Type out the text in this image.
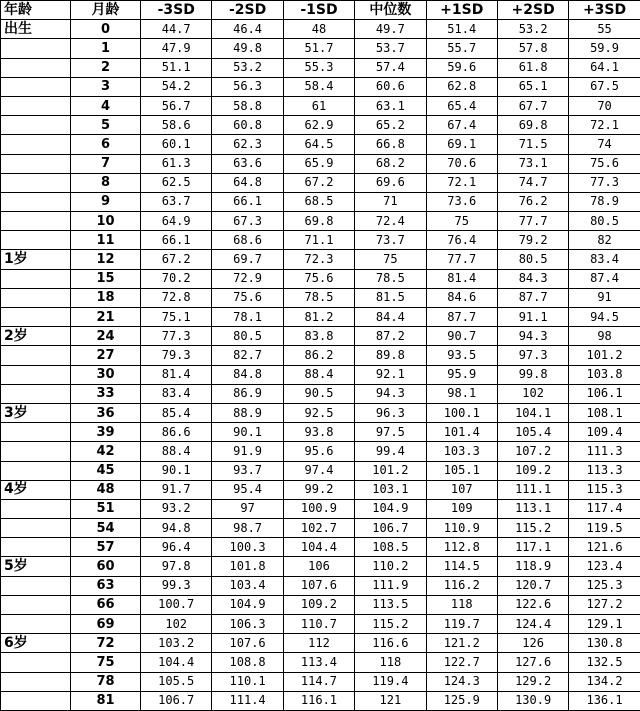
年龄	月龄	-3SD	-2SD	-1SD	中位数	+1SD	+2SD	+3SD
出生	0	44.7	46.4	48	49.7	51.4	53.2	55
	1	47.9	49.8	51.7	53.7	55.7	57.8	59.9
	2	51.1	53.2	55.3	57.4	59.6	61.8	64.1
	3	54.2	56.3	58.4	60.6	62.8	65.1	67.5
	4	56.7	58.8	61	63.1	65.4	67.7	70
	5	58.6	60.8	62.9	65.2	67.4	69.8	72.1
	6	60.1	62.3	64.5	66.8	69.1	71.5	74
	7	61.3	63.6	65.9	68.2	70.6	73.1	75.6
	8	62.5	64.8	67.2	69.6	72.1	74.7	77.3
	9	63.7	66.1	68.5	71	73.6	76.2	78.9
	10	64.9	67.3	69.8	72.4	75	77.7	80.5
	11	66.1	68.6	71.1	73.7	76.4	79.2	82
1岁	12	67.2	69.7	72.3	75	77.7	80.5	83.4
	15	70.2	72.9	75.6	78.5	81.4	84.3	87.4
	18	72.8	75.6	78.5	81.5	84.6	87.7	91
	21	75.1	78.1	81.2	84.4	87.7	91.1	94.5
2岁	24	77.3	80.5	83.8	87.2	90.7	94.3	98
	27	79.3	82.7	86.2	89.8	93.5	97.3	101.2
	30	81.4	84.8	88.4	92.1	95.9	99.8	103.8
	33	83.4	86.9	90.5	94.3	98.1	102	106.1
3岁	36	85.4	88.9	92.5	96.3	100.1	104.1	108.1
	39	86.6	90.1	93.8	97.5	101.4	105.4	109.4
	42	88.4	91.9	95.6	99.4	103.3	107.2	111.3
	45	90.1	93.7	97.4	101.2	105.1	109.2	113.3
4岁	48	91.7	95.4	99.2	103.1	107	111.1	115.3
	51	93.2	97	100.9	104.9	109	113.1	117.4
	54	94.8	98.7	102.7	106.7	110.9	115.2	119.5
	57	96.4	100.3	104.4	108.5	112.8	117.1	121.6
5岁	60	97.8	101.8	106	110.2	114.5	118.9	123.4
	63	99.3	103.4	107.6	111.9	116.2	120.7	125.3
	66	100.7	104.9	109.2	113.5	118	122.6	127.2
	69	102	106.3	110.7	115.2	119.7	124.4	129.1
6岁	72	103.2	107.6	112	116.6	121.2	126	130.8
	75	104.4	108.8	113.4	118	122.7	127.6	132.5
	78	105.5	110.1	114.7	119.4	124.3	129.2	134.2
	81	106.7	111.4	116.1	121	125.9	130.9	136.1
